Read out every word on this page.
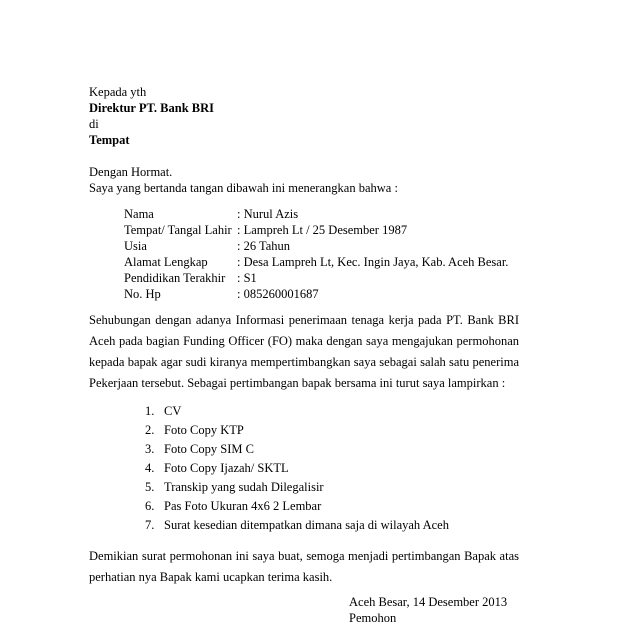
Kepada yth
Direktur PT. Bank BRI
di
Tempat
Dengan Hormat.
Saya yang bertanda tangan dibawah ini menerangkan bahwa :
Nama	: Nurul Azis
Tempat/ Tangal Lahir : Lampreh Lt / 25 Desember 1987
Usia	: 26 Tahun
Alamat Lengkap : Desa Lampreh Lt, Kec. Ingin Jaya, Kab. Aceh Besar.
Pendidikan Terakhir : S1
No. Hp	: 085260001687
Sehubungan dengan adanya Informasi penerimaan tenaga kerja pada PT. Bank BRI
Aceh pada bagian Funding Officer (FO) maka dengan saya mengajukan permohonan
kepada bapak agar sudi kiranya mempertimbangkan saya sebagai salah satu penerima
Pekerjaan tersebut. Sebagai pertimbangan bapak bersama ini turut saya lampirkan :
1. CV
2. Foto Copy KTP
3. Foto Copy SIM C
4. Foto Copy Ijazah/ SKTL
5. Transkip yang sudah Dilegalisir
6. Pas Foto Ukuran 4x6 2 Lembar
7. Surat kesedian ditempatkan dimana saja di wilayah Aceh
Demikian surat permohonan ini saya buat, semoga menjadi pertimbangan Bapak atas
perhatian nya Bapak kami ucapkan terima kasih.
Aceh Besar, 14 Desember 2013
Pemohon
